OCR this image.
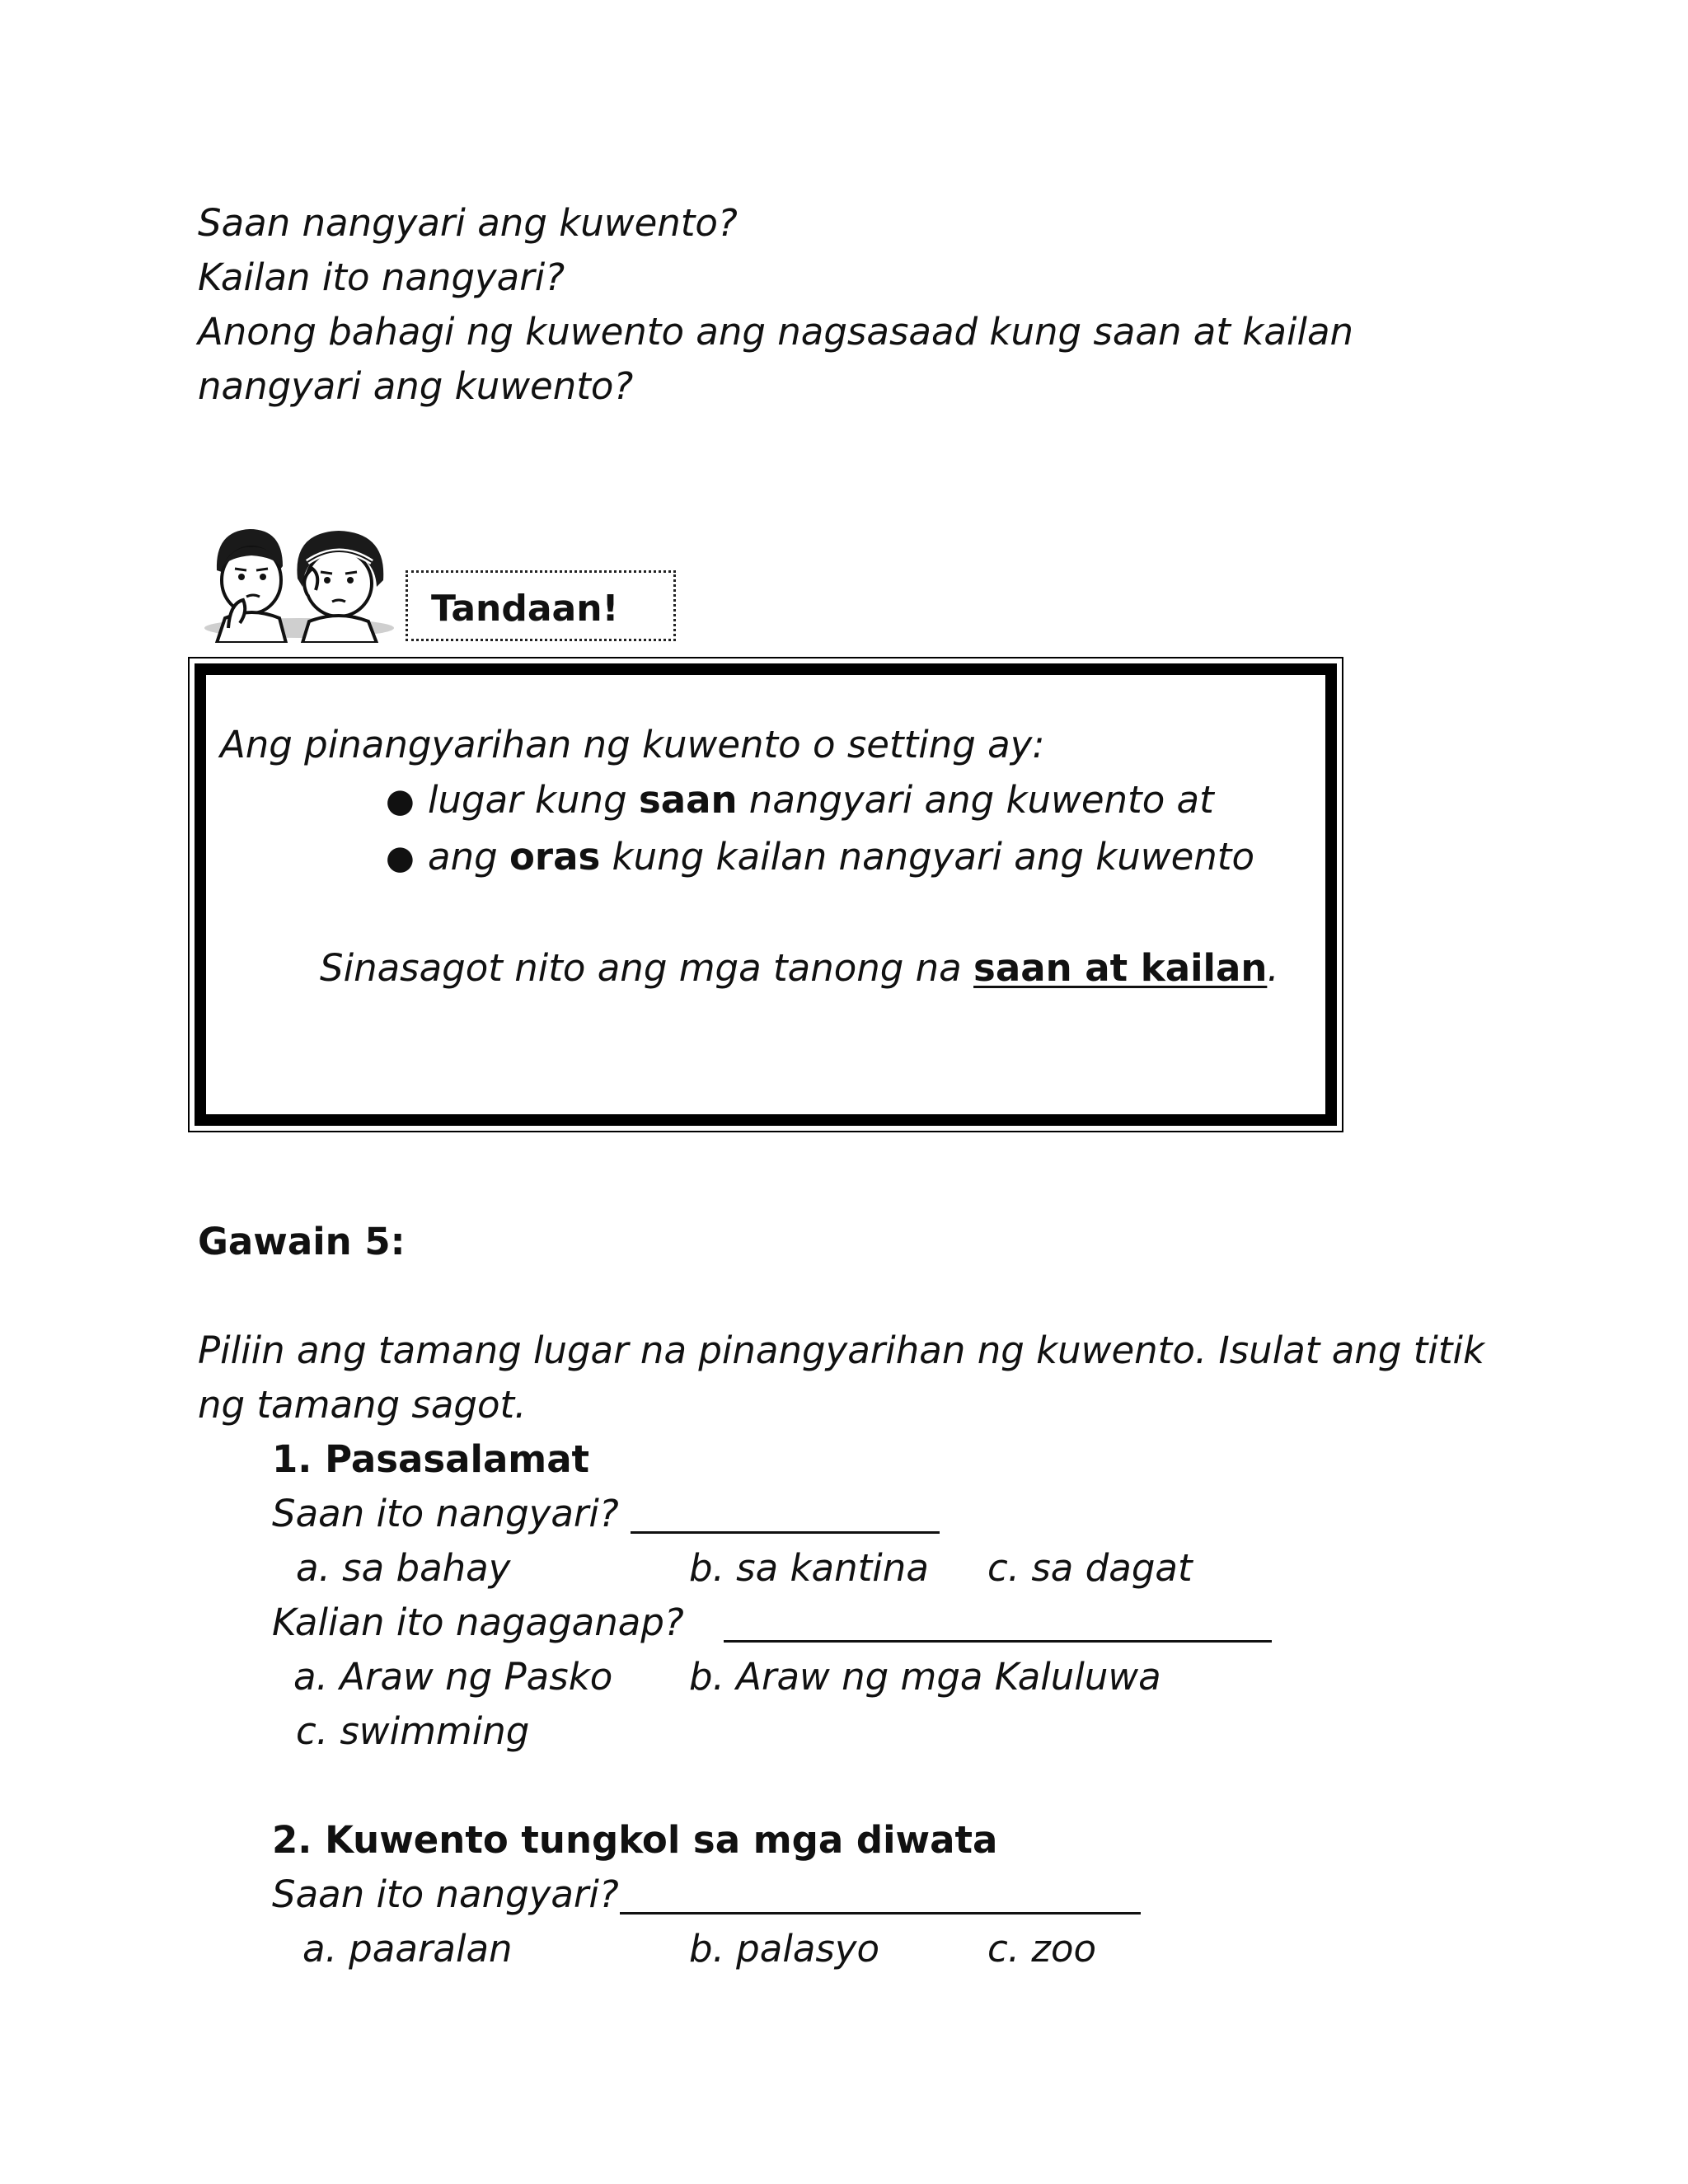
Saan nangyari ang kuwento?
Kailan ito nangyari?
Anong bahagi ng kuwento ang nagsasaad kung saan at kailan
nangyari ang kuwento?
Tandaan!
Ang pinangyarihan ng kuwento o setting ay:
● lugar kung saan nangyari ang kuwento at
● ang oras kung kailan nangyari ang kuwento
Sinasagot nito ang mga tanong na saan at kailan.
Gawain 5:
Piliin ang tamang lugar na pinangyarihan ng kuwento. Isulat ang titik
ng tamang sagot.
1. Pasasalamat
Saan ito nangyari?
a. sa bahay	b. sa kantina c. sa dagat
Kalian ito nagaganap?
a. Araw ng Pasko b. Araw ng mga Kaluluwa
c. swimming
2. Kuwento tungkol sa mga diwata
Saan ito nangyari?
a. paaralan	b. palasyo	c. zoo
